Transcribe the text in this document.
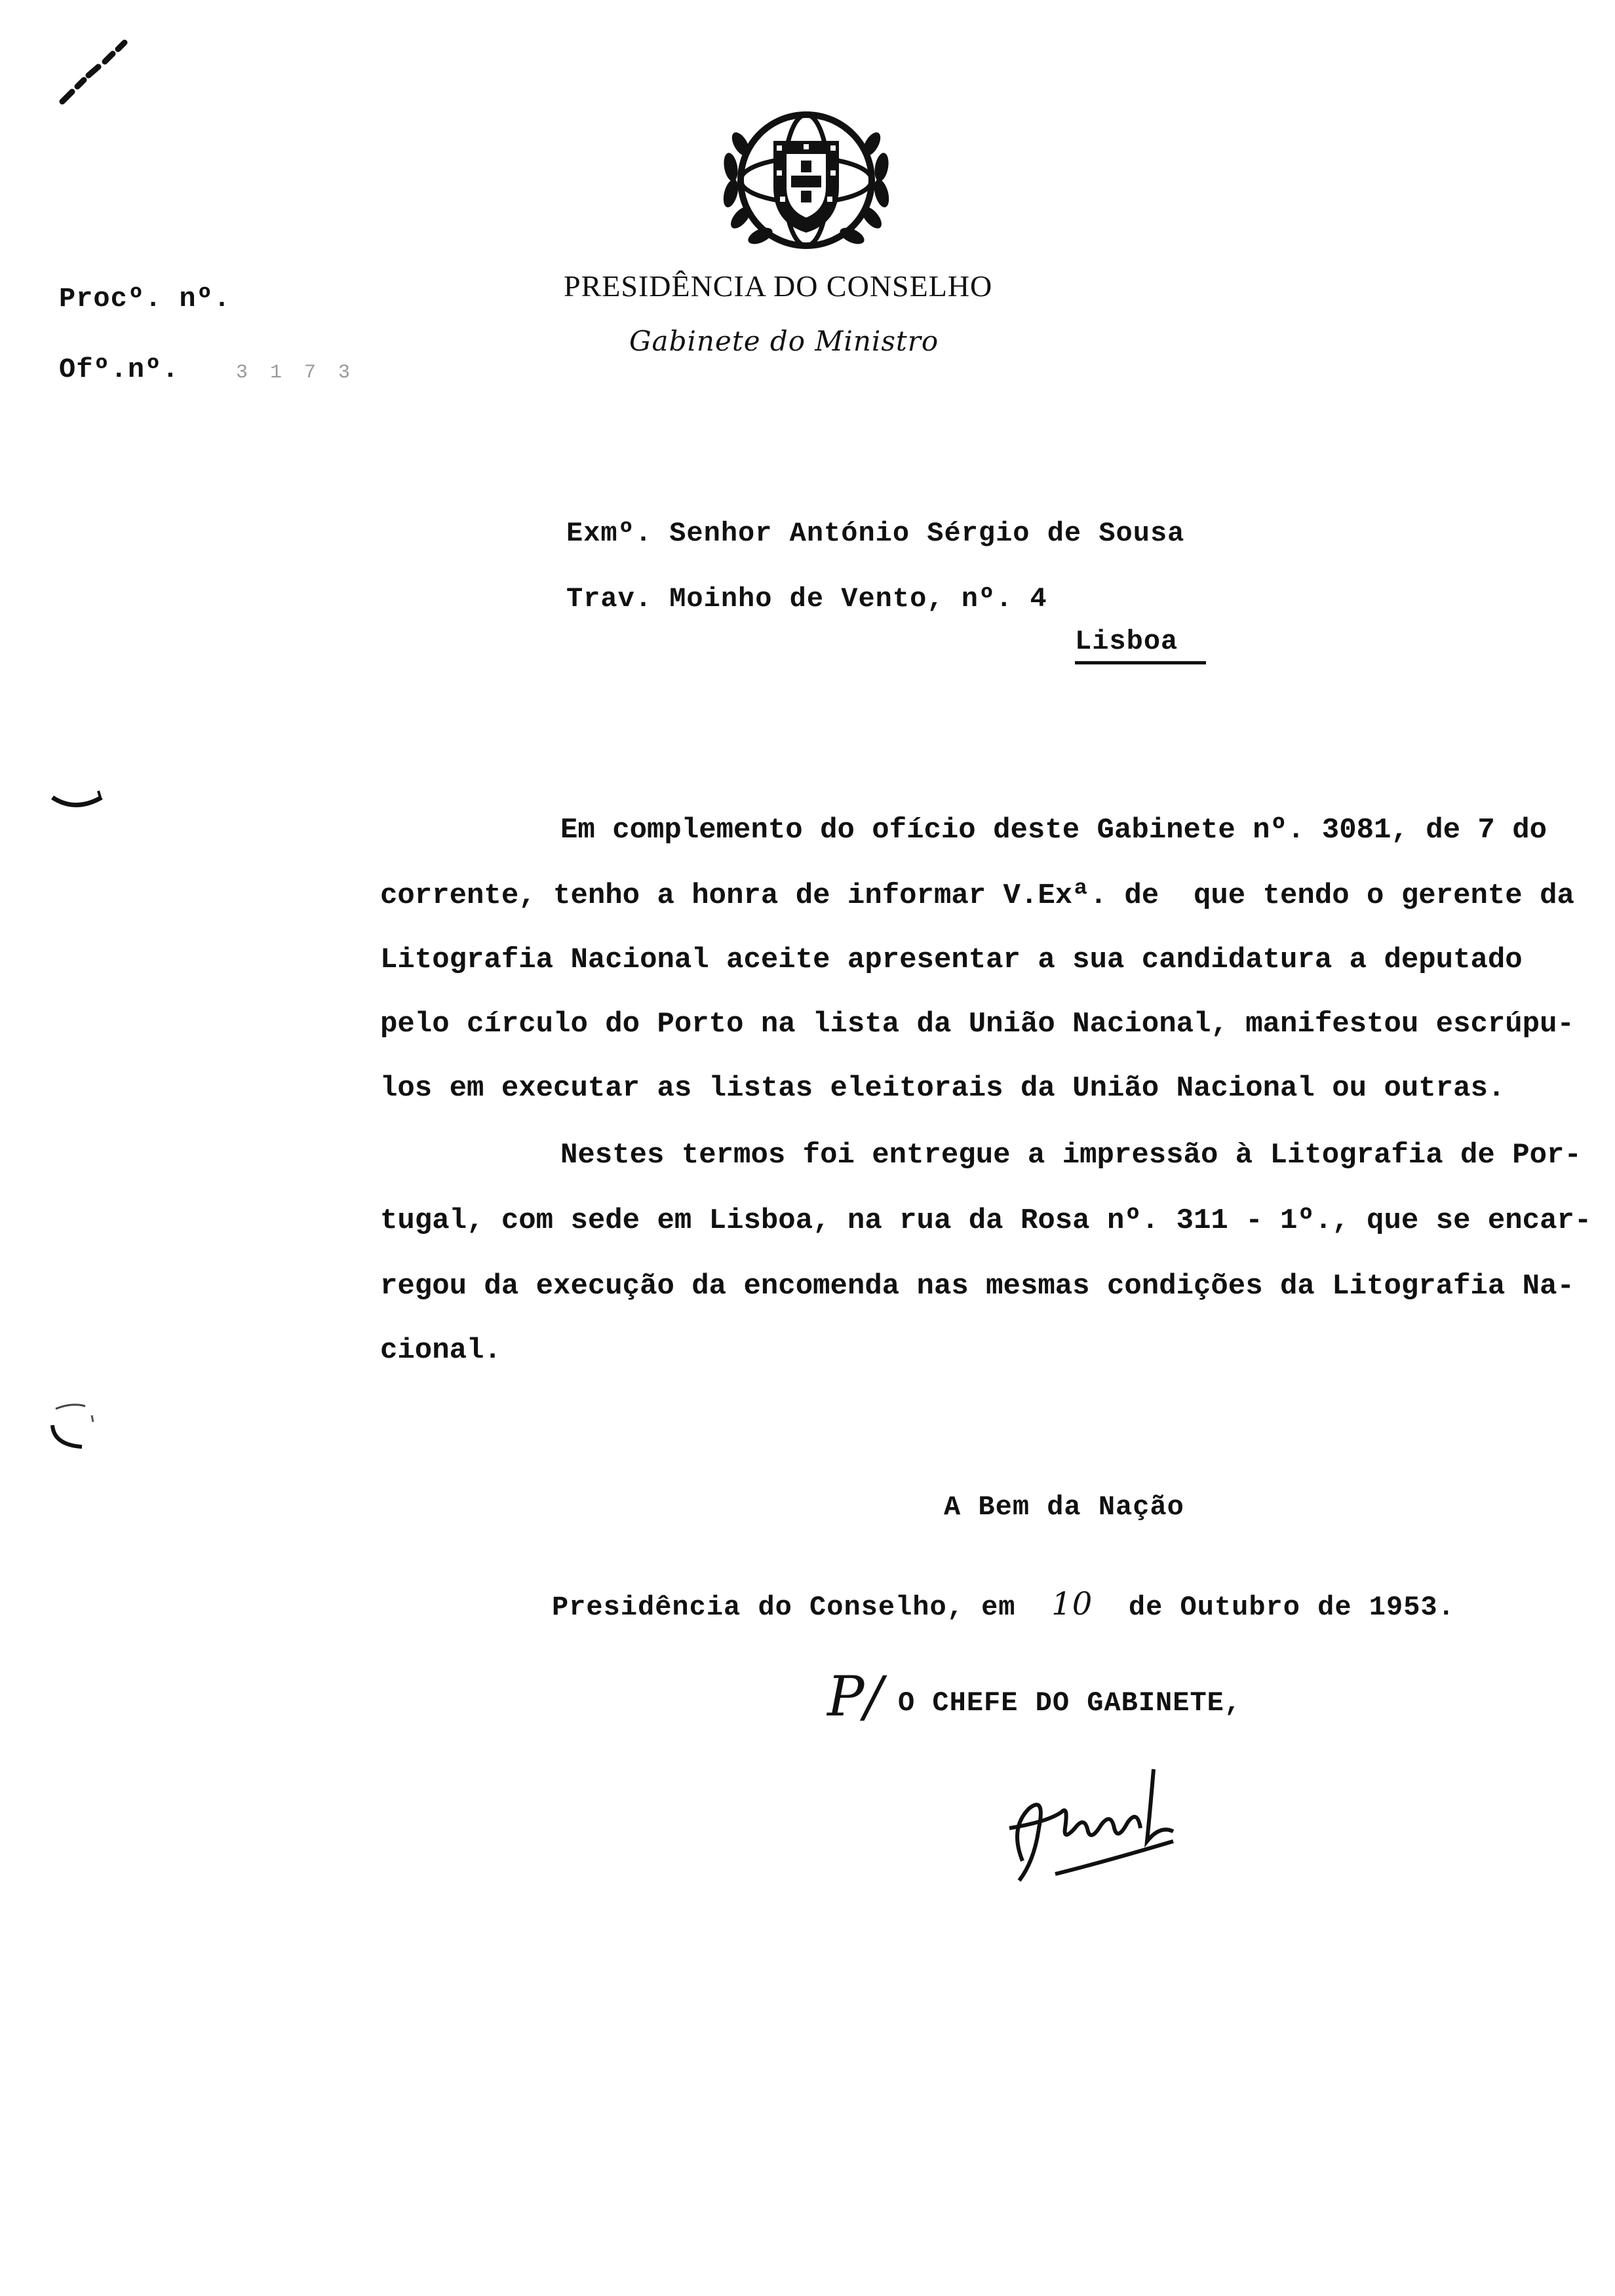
PRESIDÊNCIA DO CONSELHO
Gabinete do Ministro
Procº. nº.
Ofº.nº.	3 1 7 3
Exmº. Senhor António Sérgio de Sousa
Trav. Moinho de Vento, nº. 4
Lisboa
Em complemento do ofício deste Gabinete nº. 3081, de 7 do
corrente, tenho a honra de informar V.Exª. de  que tendo o gerente da
Litografia Nacional aceite apresentar a sua candidatura a deputado
pelo círculo do Porto na lista da União Nacional, manifestou escrúpu-
los em executar as listas eleitorais da União Nacional ou outras.
Nestes termos foi entregue a impressão à Litografia de Por-
tugal, com sede em Lisboa, na rua da Rosa nº. 311 - 1º., que se encar-
regou da execução da encomenda nas mesmas condições da Litografia Na-
cional.
A Bem da Nação
Presidência do Conselho, em 10 de Outubro de 1953.
P/ O CHEFE DO GABINETE,
